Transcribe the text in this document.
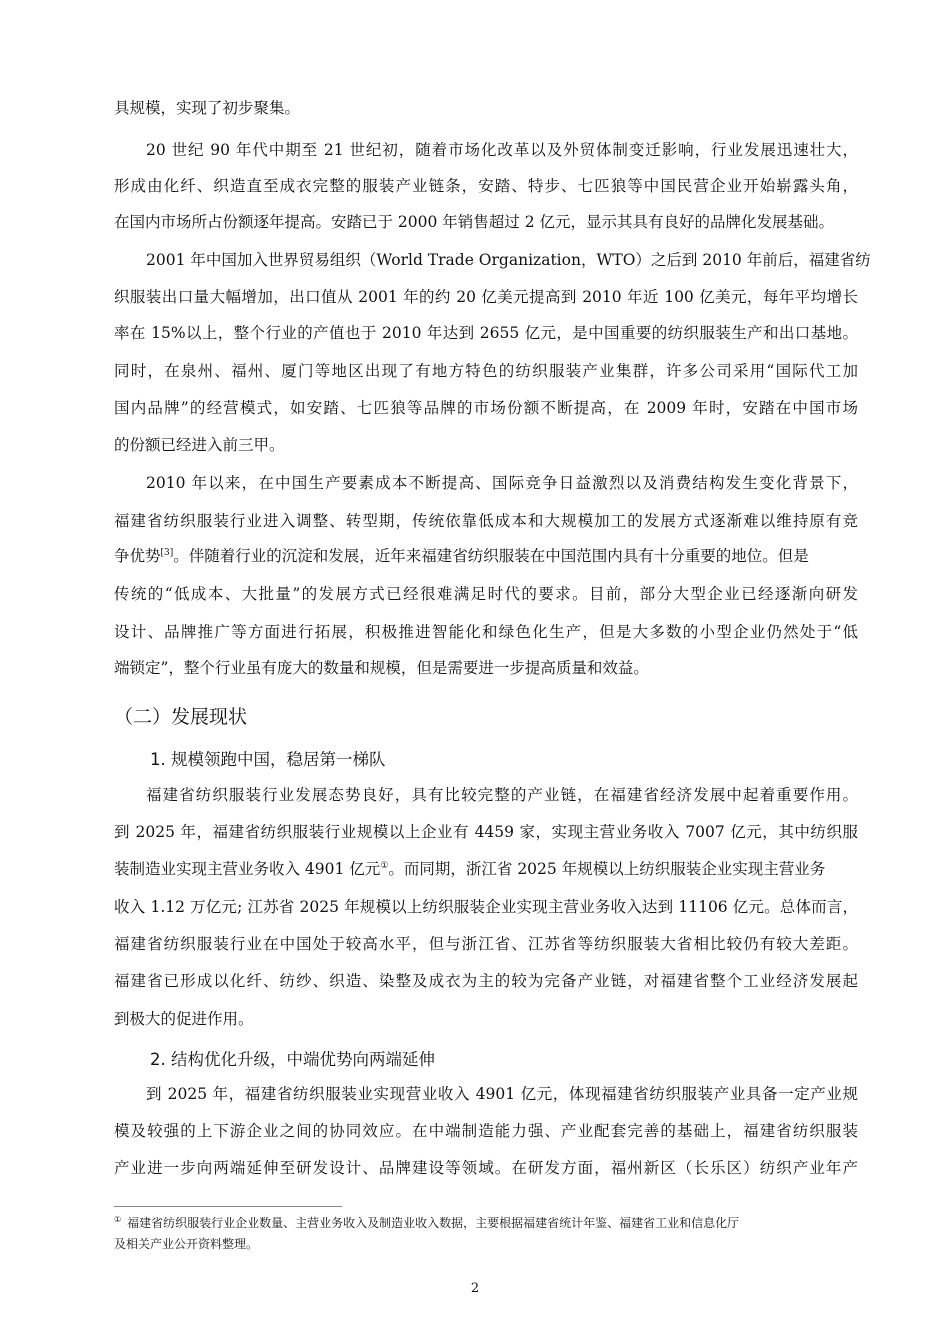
具规模，实现了初步聚集。
20 世纪 90 年代中期至 21 世纪初，随着市场化改革以及外贸体制变迁影响，行业发展迅速壮大，
形成由化纤、织造直至成衣完整的服装产业链条，安踏、特步、七匹狼等中国民营企业开始崭露头角，
在国内市场所占份额逐年提高。安踏已于 2000 年销售超过 2 亿元，显示其具有良好的品牌化发展基础。
2001 年中国加入世界贸易组织（World Trade Organization，WTO）之后到 2010 年前后，福建省纺
织服装出口量大幅增加，出口值从 2001 年的约 20 亿美元提高到 2010 年近 100 亿美元，每年平均增长
率在 15%以上，整个行业的产值也于 2010 年达到 2655 亿元，是中国重要的纺织服装生产和出口基地。
同时，在泉州、福州、厦门等地区出现了有地方特色的纺织服装产业集群，许多公司采用“国际代工加
国内品牌”的经营模式，如安踏、七匹狼等品牌的市场份额不断提高，在 2009 年时，安踏在中国市场
的份额已经进入前三甲。
2010 年以来，在中国生产要素成本不断提高、国际竞争日益激烈以及消费结构发生变化背景下，
福建省纺织服装行业进入调整、转型期，传统依靠低成本和大规模加工的发展方式逐渐难以维持原有竞
争优势[3]。伴随着行业的沉淀和发展，近年来福建省纺织服装在中国范围内具有十分重要的地位。但是
传统的“低成本、大批量”的发展方式已经很难满足时代的要求。目前，部分大型企业已经逐渐向研发
设计、品牌推广等方面进行拓展，积极推进智能化和绿色化生产，但是大多数的小型企业仍然处于“低
端锁定”，整个行业虽有庞大的数量和规模，但是需要进一步提高质量和效益。
（二）发展现状
1. 规模领跑中国，稳居第一梯队
福建省纺织服装行业发展态势良好，具有比较完整的产业链，在福建省经济发展中起着重要作用。
到 2025 年，福建省纺织服装行业规模以上企业有 4459 家，实现主营业务收入 7007 亿元，其中纺织服
装制造业实现主营业务收入 4901 亿元①。而同期，浙江省 2025 年规模以上纺织服装企业实现主营业务
收入 1.12 万亿元; 江苏省 2025 年规模以上纺织服装企业实现主营业务收入达到 11106 亿元。总体而言，
福建省纺织服装行业在中国处于较高水平，但与浙江省、江苏省等纺织服装大省相比较仍有较大差距。
福建省已形成以化纤、纺纱、织造、染整及成衣为主的较为完备产业链，对福建省整个工业经济发展起
到极大的促进作用。
2. 结构优化升级，中端优势向两端延伸
到 2025 年，福建省纺织服装业实现营业收入 4901 亿元，体现福建省纺织服装产业具备一定产业规
模及较强的上下游企业之间的协同效应。在中端制造能力强、产业配套完善的基础上，福建省纺织服装
产业进一步向两端延伸至研发设计、品牌建设等领域。在研发方面，福州新区（长乐区）纺织产业年产
① 福建省纺织服装行业企业数量、主营业务收入及制造业收入数据，主要根据福建省统计年鉴、福建省工业和信息化厅
及相关产业公开资料整理。
2
